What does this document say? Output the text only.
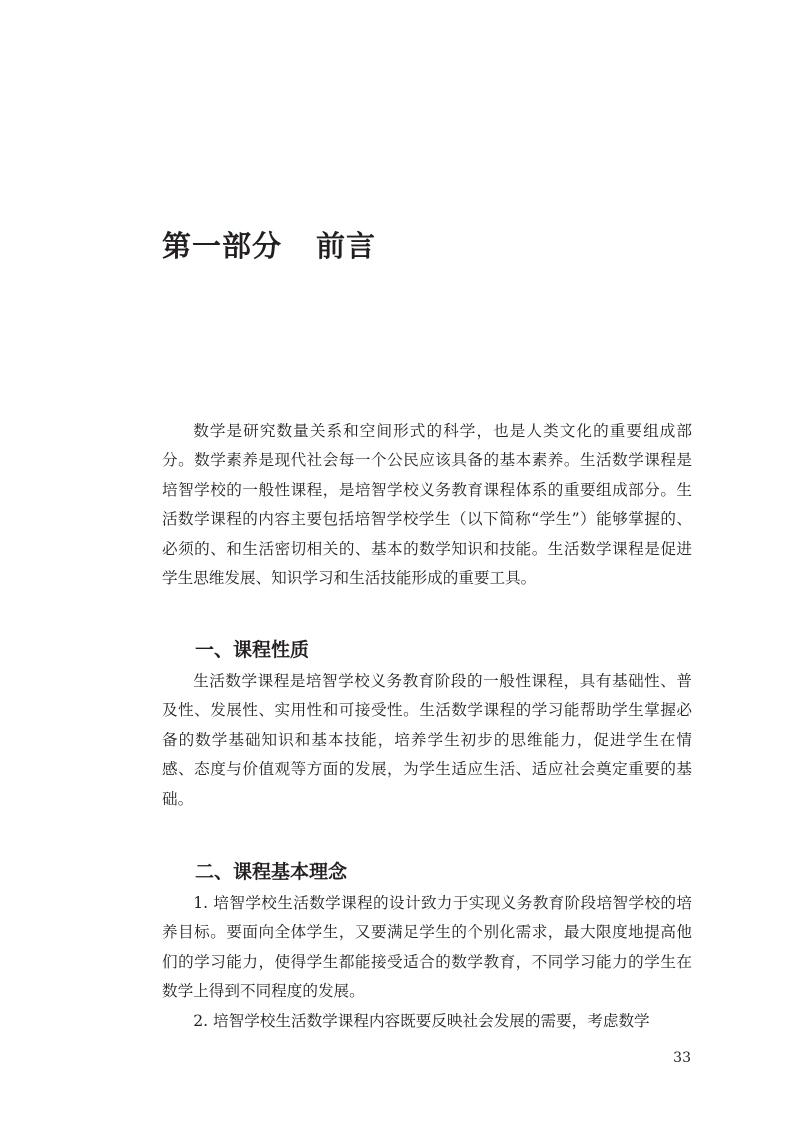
第一部分 前言

数学是研究数量关系和空间形式的科学，也是人类文化的重要组成部分。数学素养是现代社会每一个公民应该具备的基本素养。生活数学课程是培智学校的一般性课程，是培智学校义务教育课程体系的重要组成部分。生活数学课程的内容主要包括培智学校学生（以下简称“学生”）能够掌握的、必须的、和生活密切相关的、基本的数学知识和技能。生活数学课程是促进学生思维发展、知识学习和生活技能形成的重要工具。

一、课程性质

生活数学课程是培智学校义务教育阶段的一般性课程，具有基础性、普及性、发展性、实用性和可接受性。生活数学课程的学习能帮助学生掌握必备的数学基础知识和基本技能，培养学生初步的思维能力，促进学生在情感、态度与价值观等方面的发展，为学生适应生活、适应社会奠定重要的基础。

二、课程基本理念

1. 培智学校生活数学课程的设计致力于实现义务教育阶段培智学校的培养目标。要面向全体学生，又要满足学生的个别化需求，最大限度地提高他们的学习能力，使得学生都能接受适合的数学教育，不同学习能力的学生在数学上得到不同程度的发展。

2. 培智学校生活数学课程内容既要反映社会发展的需要，考虑数学

33
